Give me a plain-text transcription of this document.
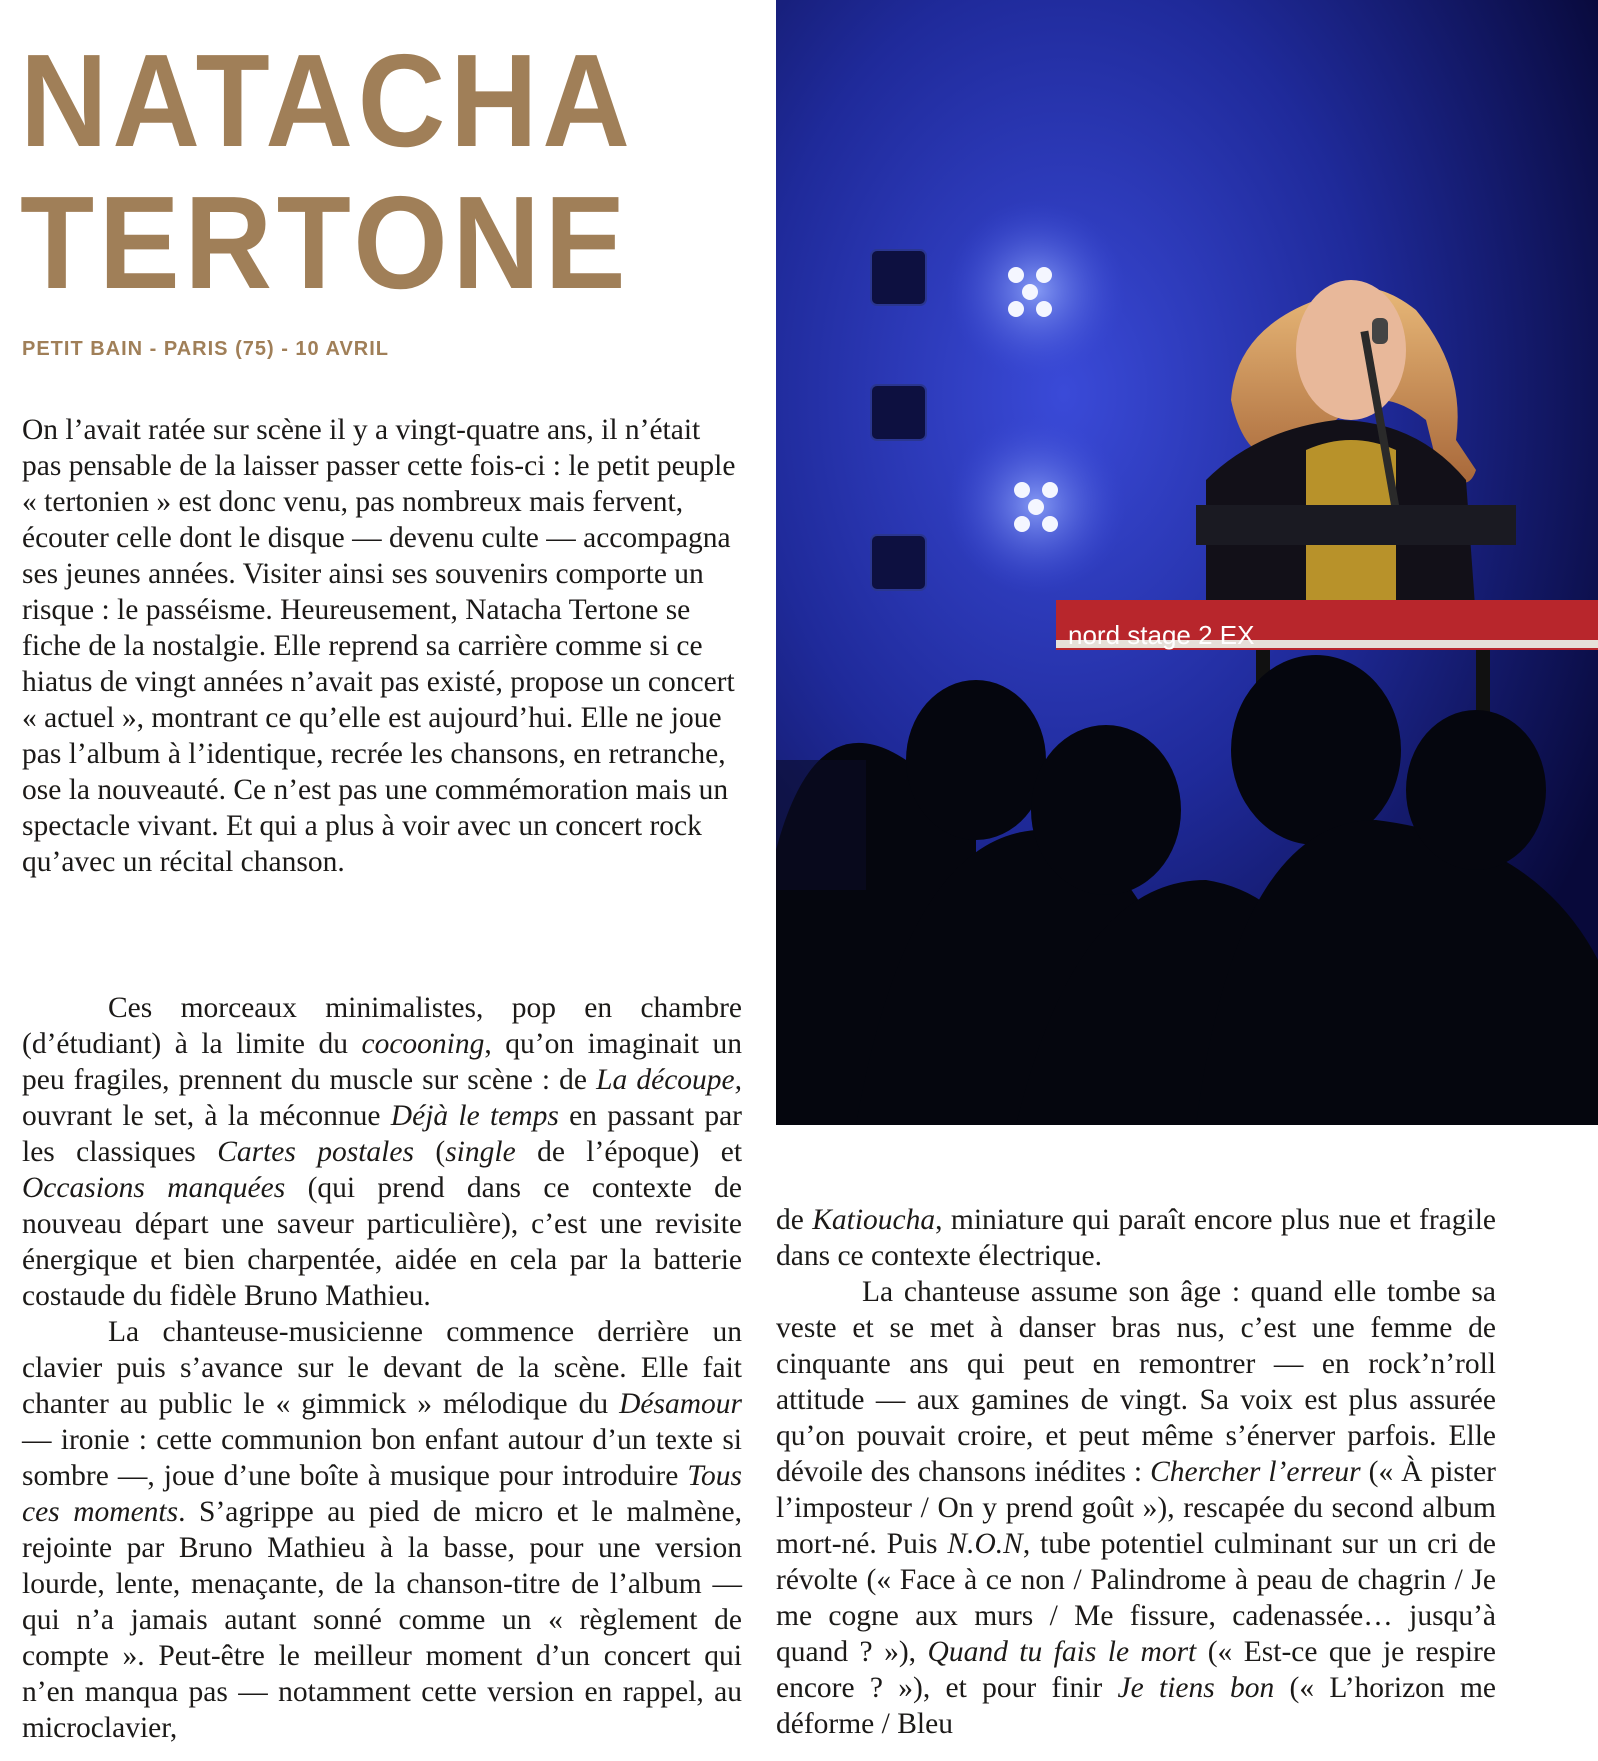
NATACHA
TERTONE
PETIT BAIN - PARIS (75) - 10 AVRIL

On l’avait ratée sur scène il y a vingt-quatre ans, il n’était pas pensable de la laisser passer cette fois-ci : le petit peuple « tertonien » est donc venu, pas nombreux mais fervent, écouter celle dont le disque — devenu culte — accompagna ses jeunes années. Visiter ainsi ses souvenirs comporte un risque : le passéisme. Heureusement, Natacha Tertone se fiche de la nostalgie. Elle reprend sa carrière comme si ce hiatus de vingt années n’avait pas existé, propose un concert « actuel », montrant ce qu’elle est aujourd’hui. Elle ne joue pas l’album à l’identique, recrée les chansons, en retranche, ose la nouveauté. Ce n’est pas une commémoration mais un spectacle vivant. Et qui a plus à voir avec un concert rock qu’avec un récital chanson.

Ces morceaux minimalistes, pop en chambre (d’étudiant) à la limite du cocooning, qu’on imaginait un peu fragiles, prennent du muscle sur scène : de La découpe, ouvrant le set, à la méconnue Déjà le temps en passant par les classiques Cartes postales (single de l’époque) et Occasions manquées (qui prend dans ce contexte de nouveau départ une saveur particulière), c’est une revisite énergique et bien charpentée, aidée en cela par la batterie costaude du fidèle Bruno Mathieu.

La chanteuse-musicienne commence derrière un clavier puis s’avance sur le devant de la scène. Elle fait chanter au public le « gimmick » mélodique du Désamour — ironie : cette communion bon enfant autour d’un texte si sombre —, joue d’une boîte à musique pour introduire Tous ces moments. S’agrippe au pied de micro et le malmène, rejointe par Bruno Mathieu à la basse, pour une version lourde, lente, menaçante, de la chanson-titre de l’album — qui n’a jamais autant sonné comme un « règlement de compte ». Peut-être le meilleur moment d’un concert qui n’en manqua pas — notamment cette version en rappel, au microclavier,

de Katioucha, miniature qui paraît encore plus nue et fragile dans ce contexte électrique.

La chanteuse assume son âge : quand elle tombe sa veste et se met à danser bras nus, c’est une femme de cinquante ans qui peut en remontrer — en rock’n’roll attitude — aux gamines de vingt. Sa voix est plus assurée qu’on pouvait croire, et peut même s’énerver parfois. Elle dévoile des chansons inédites : Chercher l’erreur (« À pister l’imposteur / On y prend goût »), rescapée du second album mort-né. Puis N.O.N, tube potentiel culminant sur un cri de révolte (« Face à ce non / Palindrome à peau de chagrin / Je me cogne aux murs / Me fissure, cadenassée… jusqu’à quand ? »), Quand tu fais le mort (« Est-ce que je respire encore ? »), et pour finir Je tiens bon (« L’horizon me déforme / Bleu

nord stage 2 EX
